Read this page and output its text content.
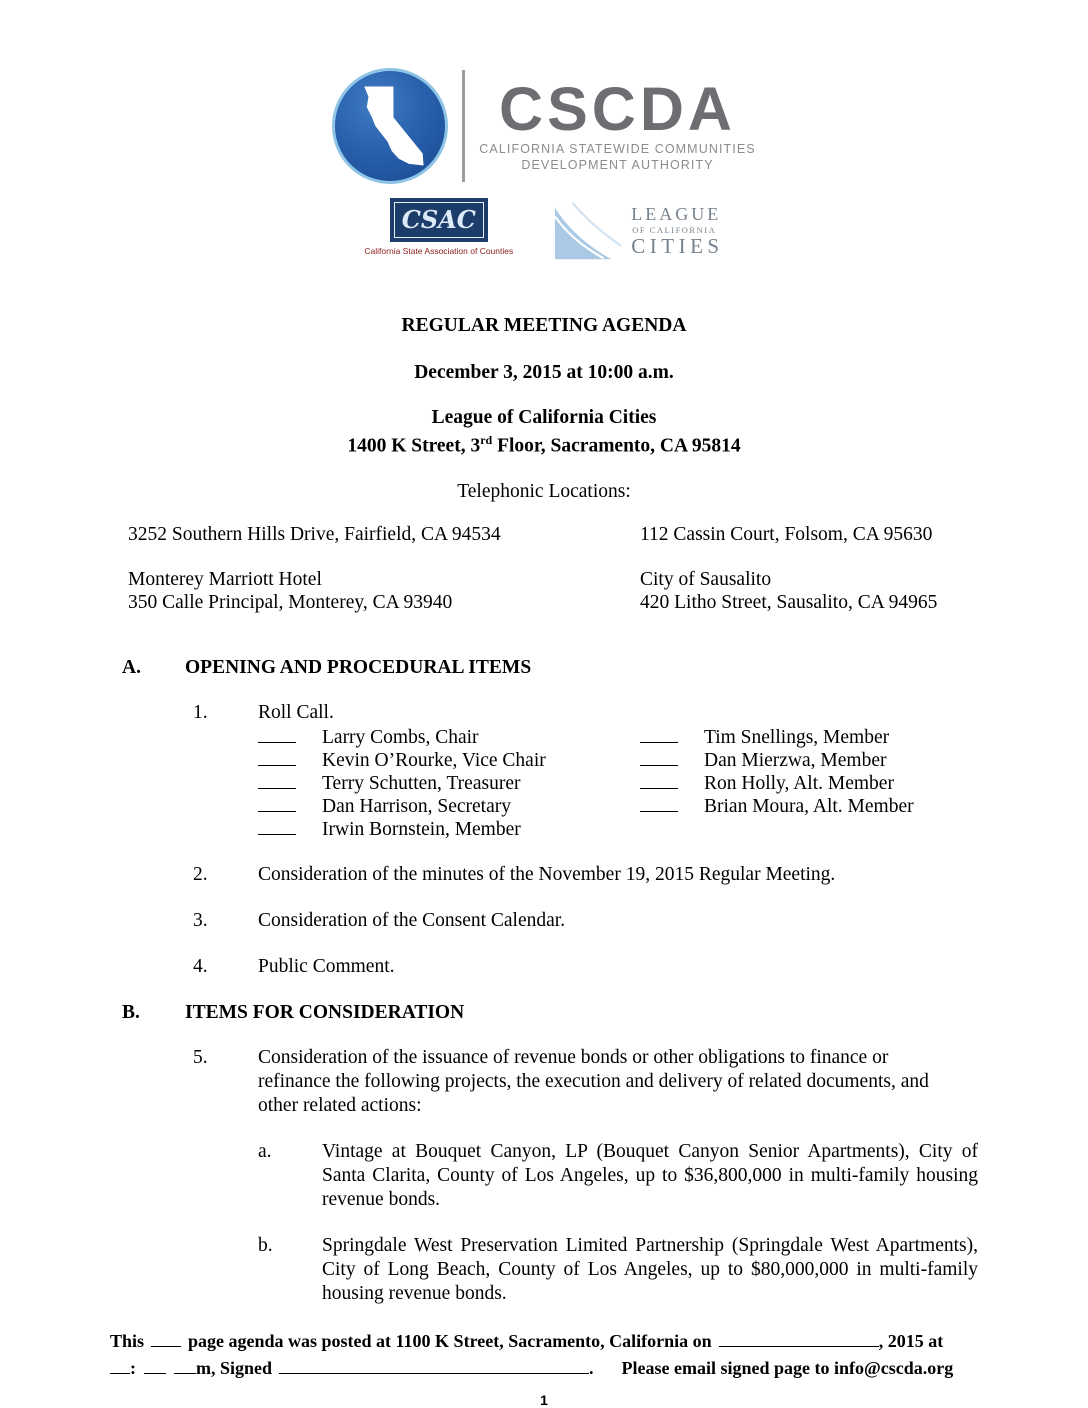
CSCDA
CALIFORNIA STATEWIDE COMMUNITIES
DEVELOPMENT AUTHORITY
CSAC
California State Association of Counties
LEAGUE
OF CALIFORNIA
CITIES
REGULAR MEETING AGENDA
December 3, 2015 at 10:00 a.m.
League of California Cities
1400 K Street, 3rd Floor, Sacramento, CA 95814
Telephonic Locations:
3252 Southern Hills Drive, Fairfield, CA 94534	112 Cassin Court, Folsom, CA 95630
Monterey Marriott Hotel
350 Calle Principal, Monterey, CA 93940
City of Sausalito
420 Litho Street, Sausalito, CA 94965
A.	OPENING AND PROCEDURAL ITEMS
1.	Roll Call.
Larry Combs, Chair
Kevin O’Rourke, Vice Chair
Terry Schutten, Treasurer
Dan Harrison, Secretary
Irwin Bornstein, Member
Tim Snellings, Member
Dan Mierzwa, Member
Ron Holly, Alt. Member
Brian Moura, Alt. Member
2.	Consideration of the minutes of the November 19, 2015 Regular Meeting.
3.	Consideration of the Consent Calendar.
4.	Public Comment.
B.	ITEMS FOR CONSIDERATION
5.	Consideration of the issuance of revenue bonds or other obligations to finance or refinance the following projects, the execution and delivery of related documents, and other related actions:
a.	Vintage at Bouquet Canyon, LP (Bouquet Canyon Senior Apartments), City of Santa Clarita, County of Los Angeles, up to $36,800,000 in multi-family housing revenue bonds.
b.	Springdale West Preservation Limited Partnership (Springdale West Apartments), City of Long Beach, County of Los Angeles, up to $80,000,000 in multi-family housing revenue bonds.
This page agenda was posted at 1100 K Street, Sacramento, California on	, 2015 at
:	m, Signed	. Please email signed page to info@cscda.org
1
